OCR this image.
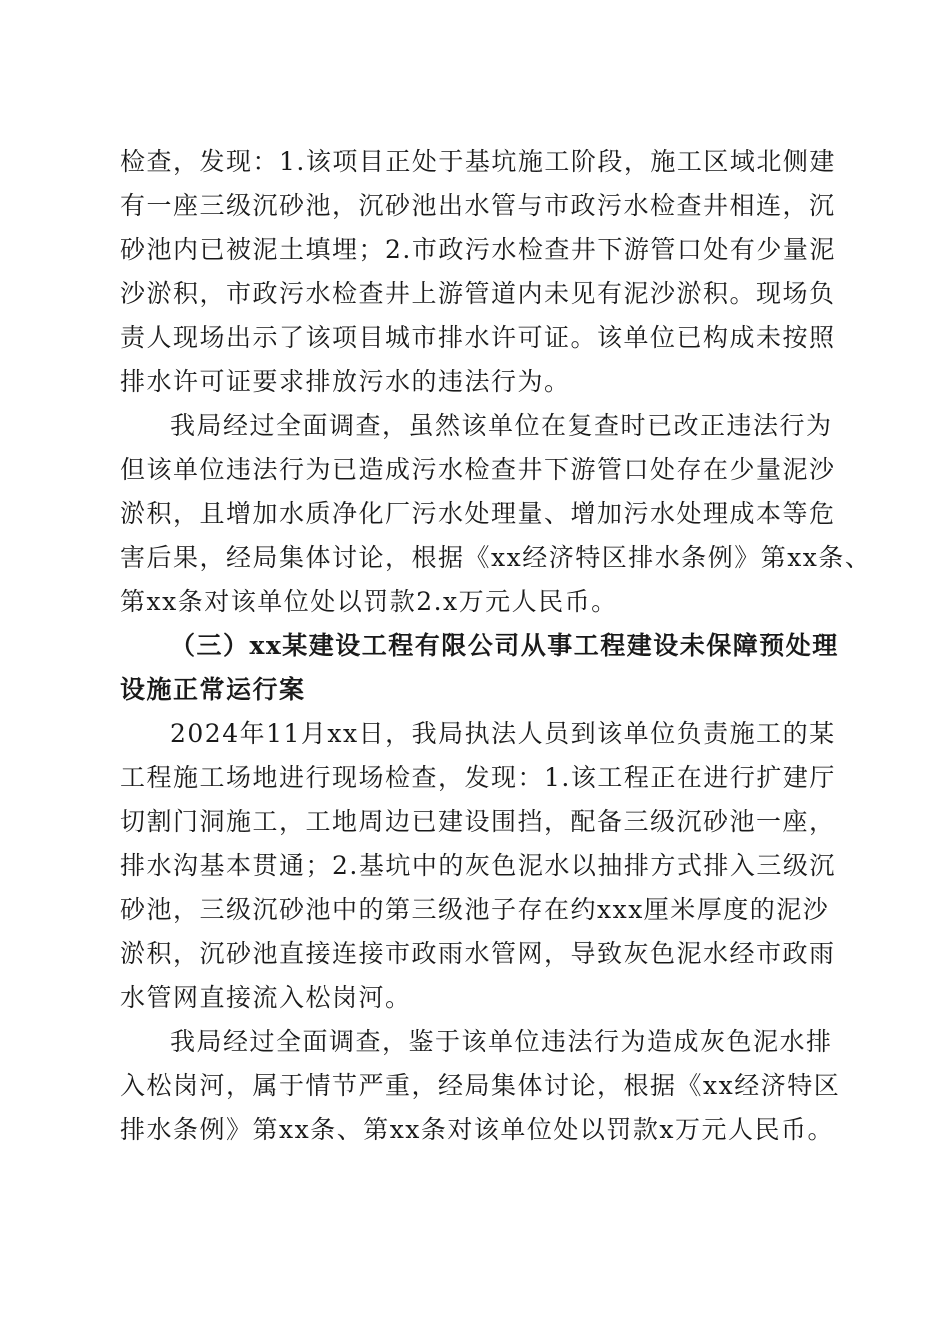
检查，发现：1.该项目正处于基坑施工阶段，施工区域北侧建
有一座三级沉砂池，沉砂池出水管与市政污水检查井相连，沉
砂池内已被泥土填埋；2.市政污水检查井下游管口处有少量泥
沙淤积，市政污水检查井上游管道内未见有泥沙淤积。现场负
责人现场出示了该项目城市排水许可证。该单位已构成未按照
排水许可证要求排放污水的违法行为。
我局经过全面调查，虽然该单位在复查时已改正违法行为
但该单位违法行为已造成污水检查井下游管口处存在少量泥沙
淤积，且增加水质净化厂污水处理量、增加污水处理成本等危
害后果，经局集体讨论，根据《xx经济特区排水条例》第xx条、
第xx条对该单位处以罚款2.x万元人民币。
（三）xx某建设工程有限公司从事工程建设未保障预处理
设施正常运行案
2024年11月xx日，我局执法人员到该单位负责施工的某
工程施工场地进行现场检查，发现：1.该工程正在进行扩建厅
切割门洞施工，工地周边已建设围挡，配备三级沉砂池一座，
排水沟基本贯通；2.基坑中的灰色泥水以抽排方式排入三级沉
砂池，三级沉砂池中的第三级池子存在约xxx厘米厚度的泥沙
淤积，沉砂池直接连接市政雨水管网，导致灰色泥水经市政雨
水管网直接流入松岗河。
我局经过全面调查，鉴于该单位违法行为造成灰色泥水排
入松岗河，属于情节严重，经局集体讨论，根据《xx经济特区
排水条例》第xx条、第xx条对该单位处以罚款x万元人民币。
